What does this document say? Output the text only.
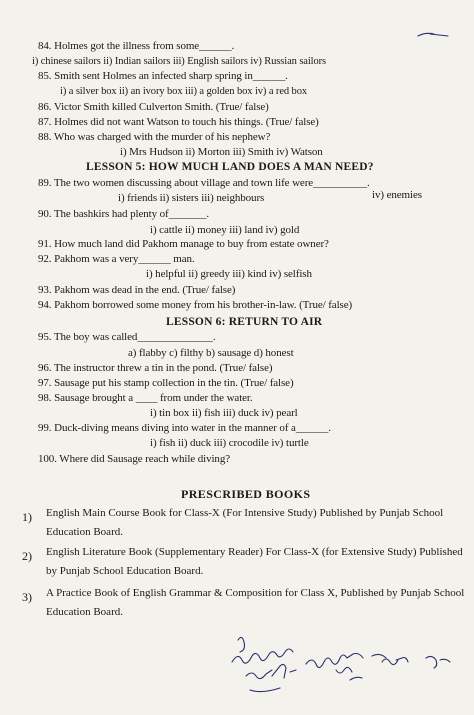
84. Holmes got the illness from some______.
i) chinese sailors ii) Indian sailors iii) English sailors iv) Russian sailors
85. Smith sent Holmes an infected sharp spring in______.
i) a silver box ii) an ivory box iii) a golden box iv) a red box
86. Victor Smith killed Culverton Smith. (True/ false)
87. Holmes did not want Watson to touch his things. (True/ false)
88. Who was charged with the murder of his nephew?
i) Mrs Hudson ii) Morton iii) Smith iv) Watson
LESSON 5: HOW MUCH LAND DOES A MAN NEED?
89. The two women discussing about village and town life were__________.
i) friends ii) sisters iii) neighbours	iv) enemies
90. The bashkirs had plenty of_______.
i) cattle ii) money iii) land iv) gold
91. How much land did Pakhom manage to buy from estate owner?
92. Pakhom was a very______ man.
i) helpful ii) greedy iii) kind iv) selfish
93. Pakhom was dead in the end. (True/ false)
94. Pakhom borrowed some money from his brother-in-law. (True/ false)
LESSON 6: RETURN TO AIR
95. The boy was called______________.
a) flabby c) filthy b) sausage d) honest
96. The instructor threw a tin in the pond. (True/ false)
97. Sausage put his stamp collection in the tin. (True/ false)
98. Sausage brought a ____ from under the water.
i) tin box ii) fish iii) duck iv) pearl
99. Duck-diving means diving into water in the manner of a______.
i) fish ii) duck iii) crocodile iv) turtle
100. Where did Sausage reach while diving?
PRESCRIBED BOOKS
1) English Main Course Book for Class-X (For Intensive Study) Published by Punjab School Education Board.
2) English Literature Book (Supplementary Reader) For Class-X (for Extensive Study) Published by Punjab School Education Board.
3) A Practice Book of English Grammar & Composition for Class X, Published by Punjab School Education Board.
